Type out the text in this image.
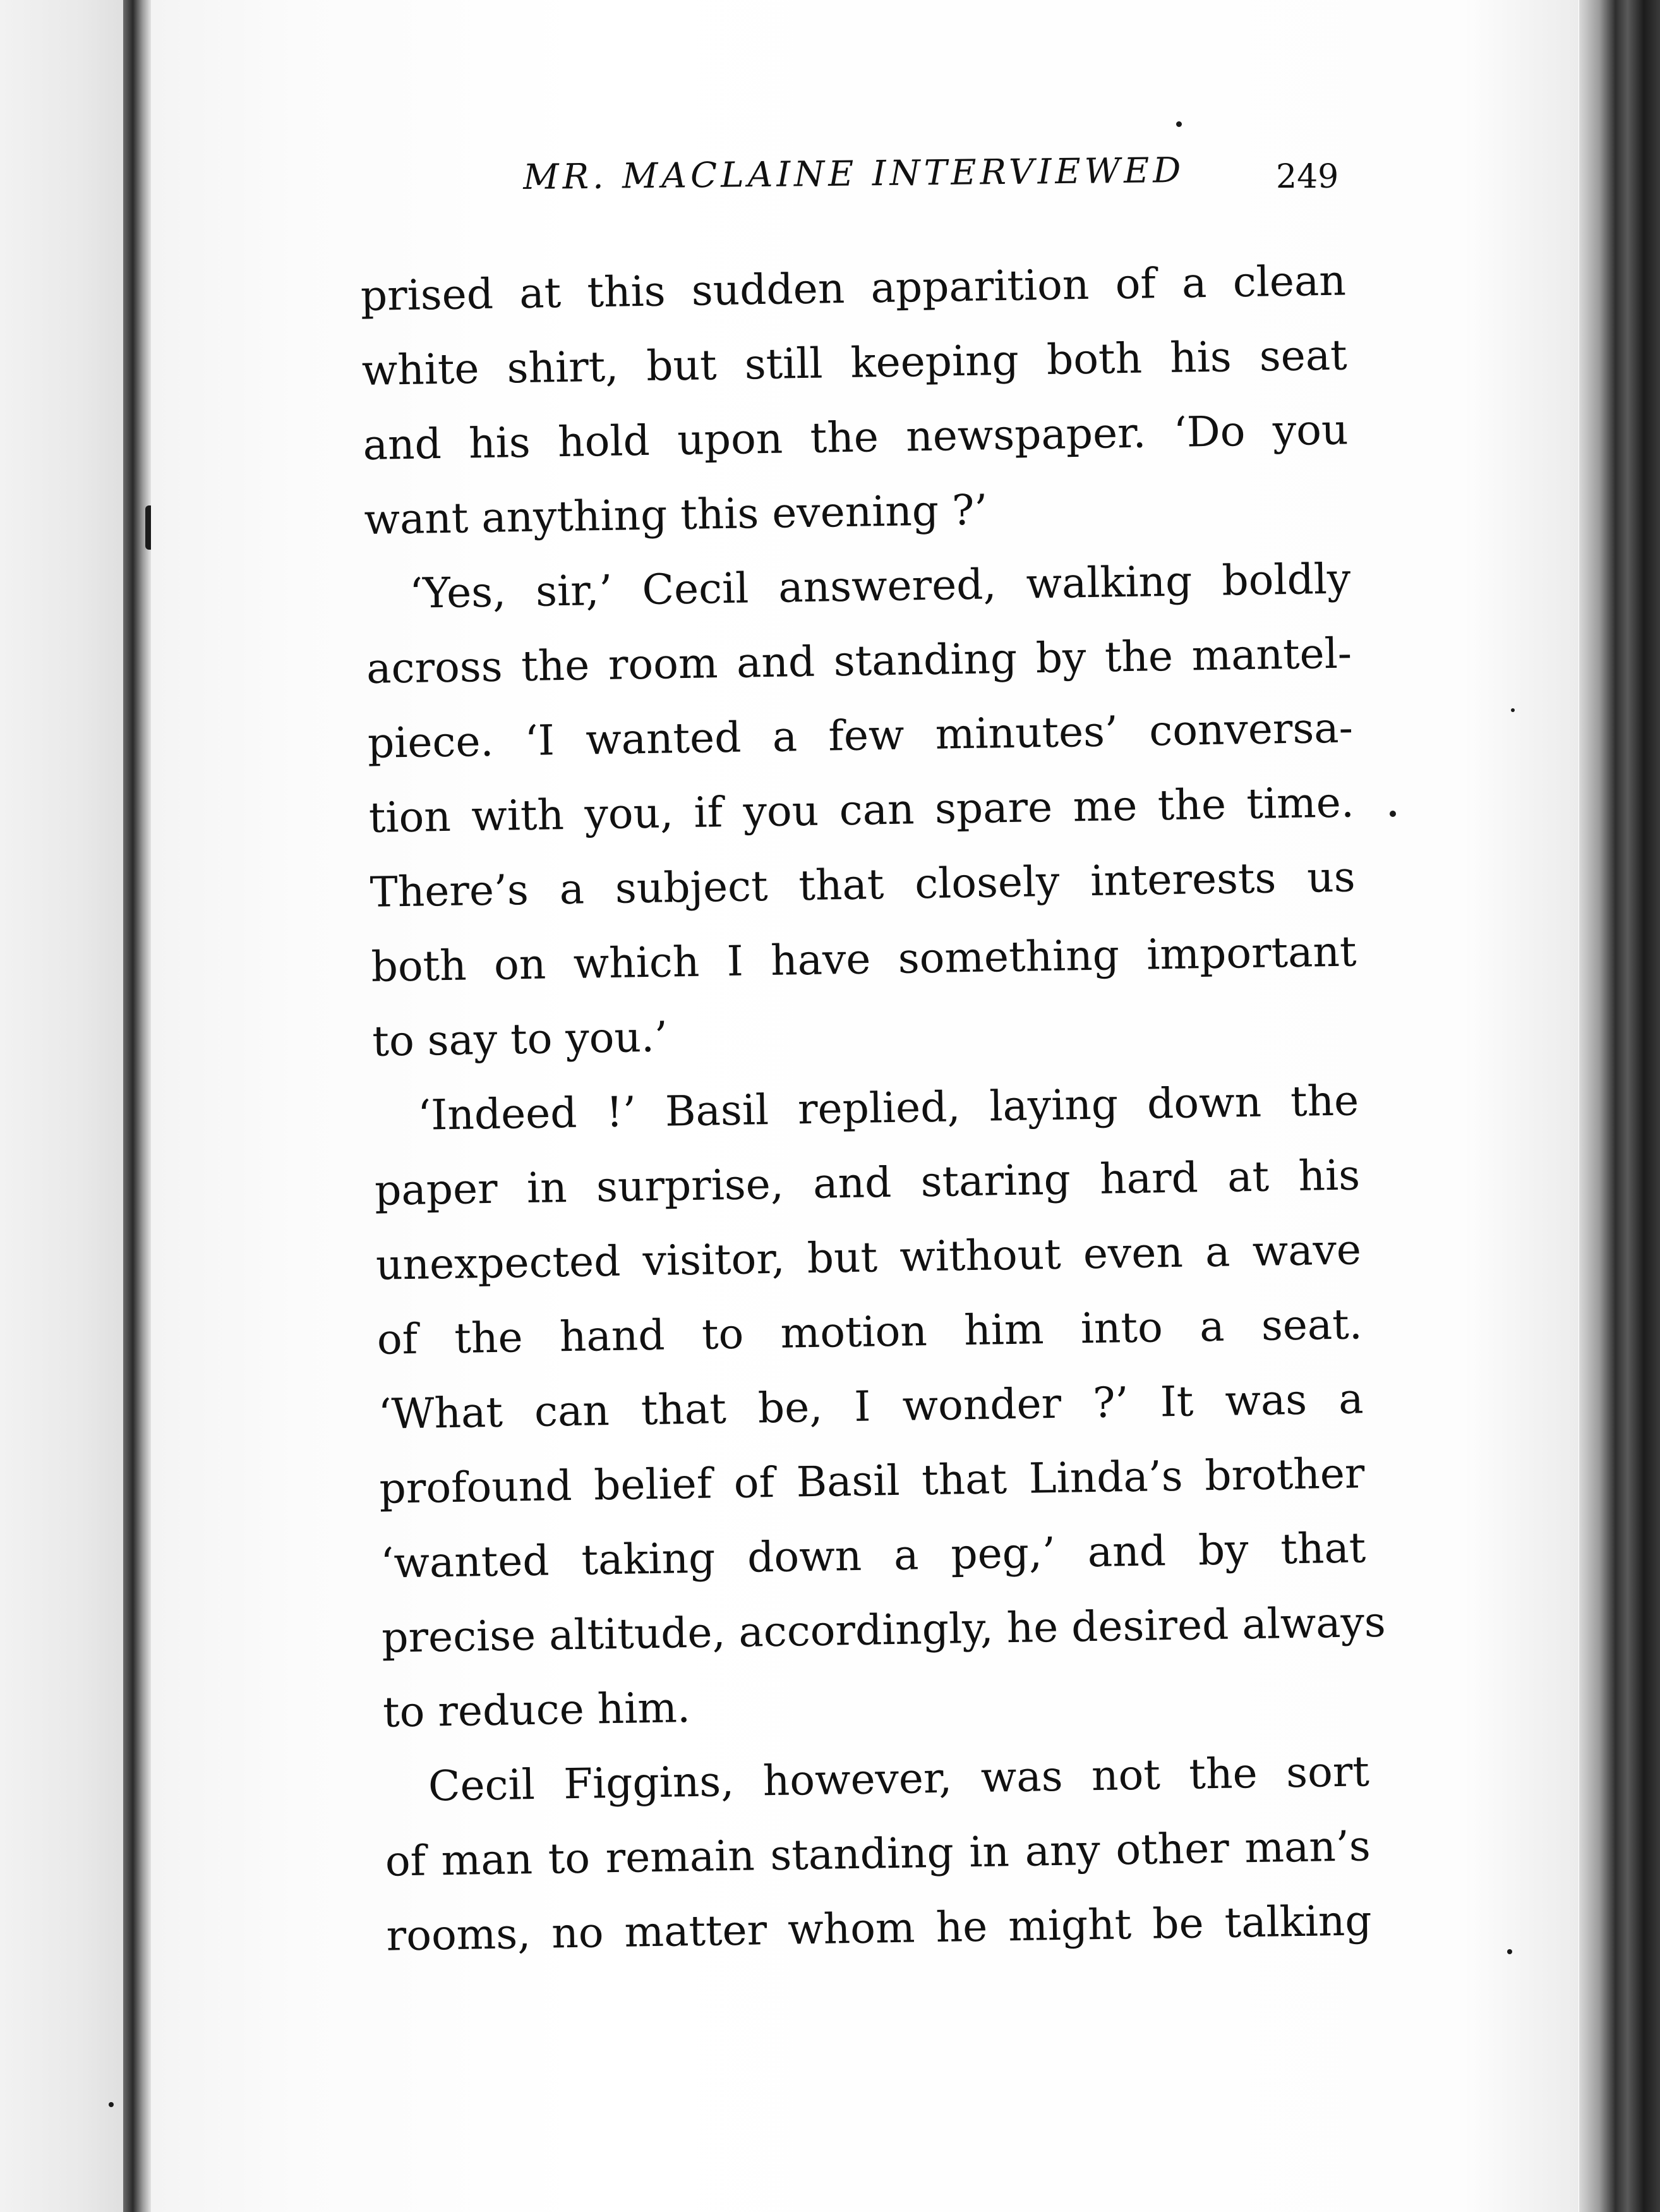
MR. MACLAINE INTERVIEWED	249
prised at this sudden apparition of a clean
white shirt, but still keeping both his seat
and his hold upon the newspaper. ‘Do you
want anything this evening ?’
‘Yes, sir,’ Cecil answered, walking boldly
across the room and standing by the mantel-
piece. ‘I wanted a few minutes’ conversa-
tion with you, if you can spare me the time.
There’s a subject that closely interests us
both on which I have something important
to say to you.’
‘Indeed !’ Basil replied, laying down the
paper in surprise, and staring hard at his
unexpected visitor, but without even a wave
of the hand to motion him into a seat.
‘What can that be, I wonder ?’ It was a
profound belief of Basil that Linda’s brother
‘wanted taking down a peg,’ and by that
precise altitude, accordingly, he desired always
to reduce him.
Cecil Figgins, however, was not the sort
of man to remain standing in any other man’s
rooms, no matter whom he might be talking
